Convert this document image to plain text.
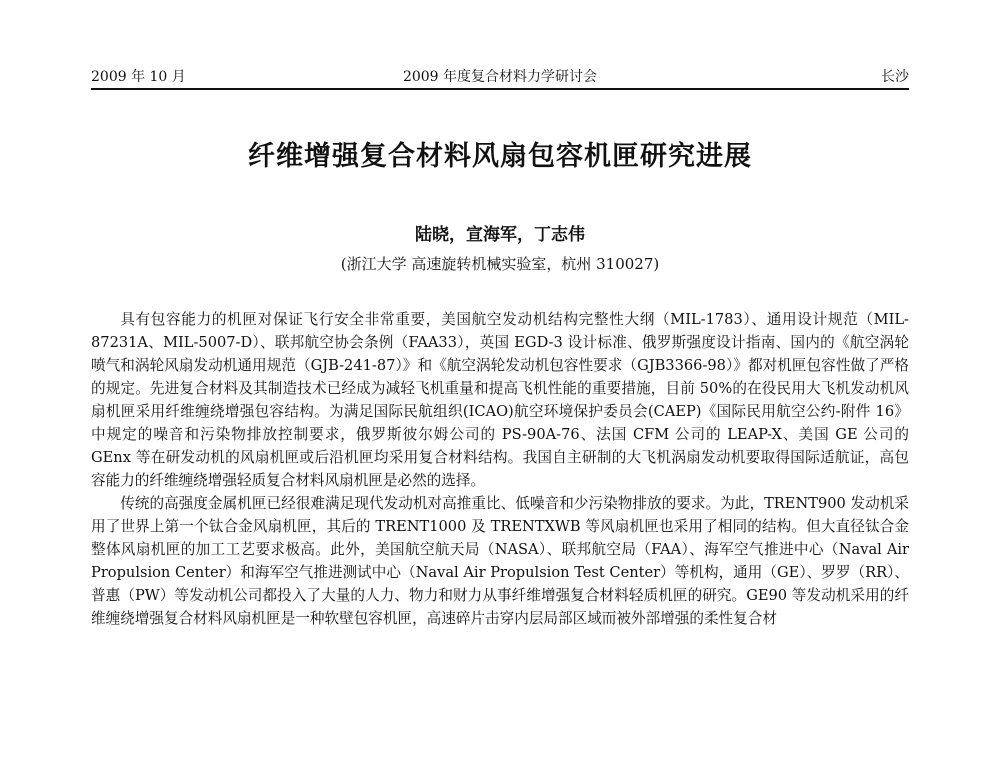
2009 年 10 月	2009 年度复合材料力学研讨会	长沙
纤维增强复合材料风扇包容机匣研究进展
陆晓，宣海军，丁志伟
(浙江大学 高速旋转机械实验室，杭州 310027)

具有包容能力的机匣对保证飞行安全非常重要，美国航空发动机结构完整性大纲（MIL-1783）、通用设计规范（MIL-87231A、MIL-5007-D）、联邦航空协会条例（FAA33），英国 EGD-3 设计标准、俄罗斯强度设计指南、国内的《航空涡轮喷气和涡轮风扇发动机通用规范（GJB-241-87）》和《航空涡轮发动机包容性要求（GJB3366-98）》都对机匣包容性做了严格的规定。先进复合材料及其制造技术已经成为减轻飞机重量和提高飞机性能的重要措施，目前 50%的在役民用大飞机发动机风扇机匣采用纤维缠绕增强包容结构。为满足国际民航组织(ICAO)航空环境保护委员会(CAEP)《国际民用航空公约-附件 16》中规定的噪音和污染物排放控制要求，俄罗斯彼尔姆公司的 PS-90A-76、法国 CFM 公司的 LEAP-X、美国 GE 公司的 GEnx 等在研发动机的风扇机匣或后沿机匣均采用复合材料结构。我国自主研制的大飞机涡扇发动机要取得国际适航证，高包容能力的纤维缠绕增强轻质复合材料风扇机匣是必然的选择。

传统的高强度金属机匣已经很难满足现代发动机对高推重比、低噪音和少污染物排放的要求。为此，TRENT900 发动机采用了世界上第一个钛合金风扇机匣，其后的 TRENT1000 及 TRENTXWB 等风扇机匣也采用了相同的结构。但大直径钛合金整体风扇机匣的加工工艺要求极高。此外，美国航空航天局（NASA）、联邦航空局（FAA）、海军空气推进中心（Naval Air Propulsion Center）和海军空气推进测试中心（Naval Air Propulsion Test Center）等机构，通用（GE）、罗罗（RR）、普惠（PW）等发动机公司都投入了大量的人力、物力和财力从事纤维增强复合材料轻质机匣的研究。GE90 等发动机采用的纤维缠绕增强复合材料风扇机匣是一种软壁包容机匣，高速碎片击穿内层局部区域而被外部增强的柔性复合材
